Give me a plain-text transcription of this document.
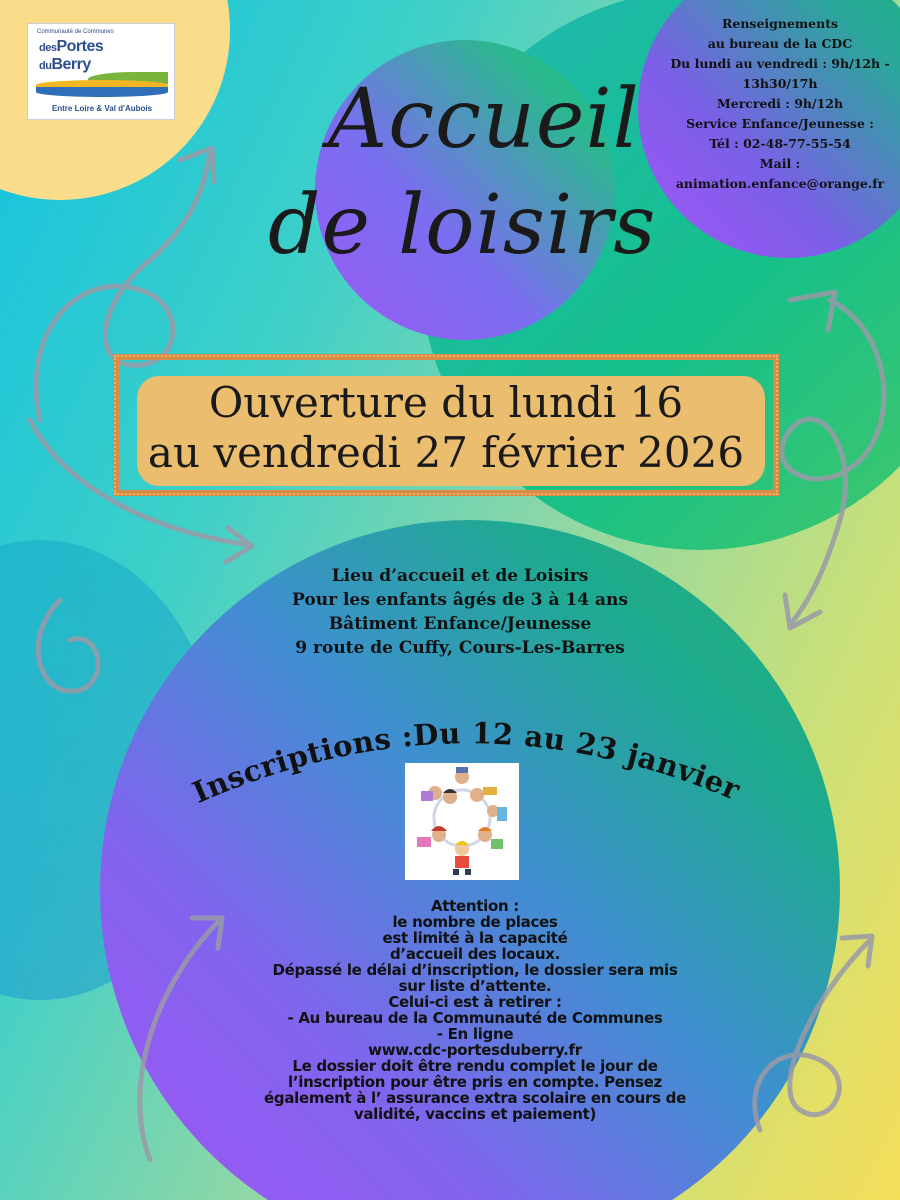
Communauté de Communes
desPortes
duBerry
Entre Loire & Val d'Aubois Accueil
de loisirs
Renseignements
au bureau de la CDC
Du lundi au vendredi : 9h/12h -
13h30/17h
Mercredi : 9h/12h
Service Enfance/Jeunesse :
Tél : 02-48-77-55-54
Mail :
animation.enfance@orange.fr
Ouverture du lundi 16
au vendredi 27 février 2026
Lieu d’accueil et de Loisirs
Pour les enfants âgés de 3 à 14 ans
Bâtiment Enfance/Jeunesse
9 route de Cuffy, Cours-Les-Barres
Inscriptions :Du 12 au 23 janvier
Attention :
le nombre de places
est limité à la capacité
d’accueil des locaux.
Dépassé le délai d’inscription, le dossier sera mis
sur liste d’attente.
Celui-ci est à retirer :
- Au bureau de la Communauté de Communes
- En ligne
www.cdc-portesduberry.fr
Le dossier doit être rendu complet le jour de
l’inscription pour être pris en compte. Pensez
également à l’ assurance extra scolaire en cours de
validité, vaccins et paiement)
